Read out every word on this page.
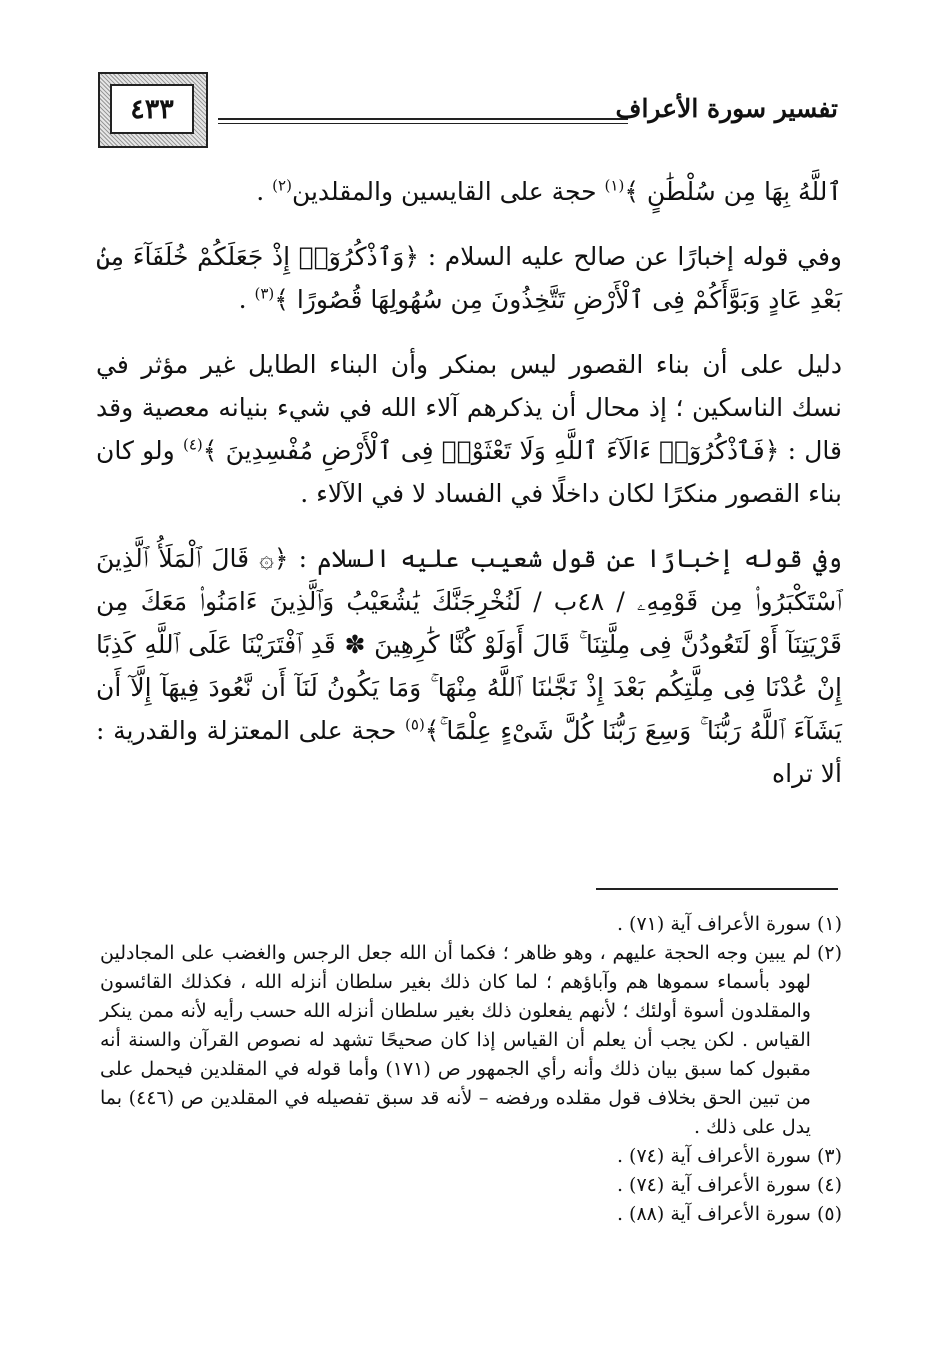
٤٣٣	تفسير سورة الأعراف

ٱللَّهُ بِهَا مِن سُلْطَٰنٍ ﴾$^{(١)}$ حجة على القايسين والمقلدين$^{(٢)}$ .

وفي قوله إخبارًا عن صالح عليه السلام : ﴿وَٱذْكُرُوٓا۟ إِذْ جَعَلَكُمْ خُلَفَآءَ مِنۢ بَعْدِ عَادٍ وَبَوَّأَكُمْ فِى ٱلْأَرْضِ تَتَّخِذُونَ مِن سُهُولِهَا قُصُورًا ﴾$^{(٣)}$ .

دليل على أن بناء القصور ليس بمنكر وأن البناء الطايل غير مؤثر في نسك الناسكين ؛ إذ محال أن يذكرهم آلاء الله في شيء بنيانه معصية وقد قال : ﴿فَٱذْكُرُوٓا۟ ءَالَآءَ ٱللَّهِ وَلَا تَعْثَوْا۟ فِى ٱلْأَرْضِ مُفْسِدِينَ ﴾$^{(٤)}$ ولو كان بناء القصور منكرًا لكان داخلًا في الفساد لا في الآلاء .

وفي قوله إخبارًا عن قول شعيب عليه السلام : ﴿۞ قَالَ ٱلْمَلَأُ ٱلَّذِينَ ٱسْتَكْبَرُوا۟ مِن قَوْمِهِۦ / ٤٨ب / لَنُخْرِجَنَّكَ يَٰشُعَيْبُ وَٱلَّذِينَ ءَامَنُوا۟ مَعَكَ مِن قَرْيَتِنَآ أَوْ لَتَعُودُنَّ فِى مِلَّتِنَا ۚ قَالَ أَوَلَوْ كُنَّا كَٰرِهِينَ ✽ قَدِ ٱفْتَرَيْنَا عَلَى ٱللَّهِ كَذِبًا إِنْ عُدْنَا فِى مِلَّتِكُم بَعْدَ إِذْ نَجَّىٰنَا ٱللَّهُ مِنْهَا ۚ وَمَا يَكُونُ لَنَآ أَن نَّعُودَ فِيهَآ إِلَّآ أَن يَشَآءَ ٱللَّهُ رَبُّنَا ۚ وَسِعَ رَبُّنَا كُلَّ شَىْءٍ عِلْمًا ۚ﴾$^{(٥)}$ حجة على المعتزلة والقدرية : ألا تراه

(١)
سورة الأعراف آية (٧١) .
(٢)
لم يبين وجه الحجة عليهم ، وهو ظاهر ؛ فكما أن الله جعل الرجس والغضب على المجادلين لهود بأسماء سموها هم وآباؤهم ؛ لما كان ذلك بغير سلطان أنزله الله ، فكذلك القائسون والمقلدون أسوة أولئك ؛ لأنهم يفعلون ذلك بغير سلطان أنزله الله حسب رأيه لأنه ممن ينكر القياس . لكن يجب أن يعلم أن القياس إذا كان صحيحًا تشهد له نصوص القرآن والسنة أنه مقبول كما سبق بيان ذلك وأنه رأي الجمهور ص (١٧١) وأما قوله في المقلدين فيحمل على من تبين الحق بخلاف قول مقلده ورفضه – لأنه قد سبق تفصيله في المقلدين ص (٤٤٦) بما يدل على ذلك .
(٣)
سورة الأعراف آية (٧٤) .
(٤)
سورة الأعراف آية (٧٤) .
(٥)
سورة الأعراف آية (٨٨) .
